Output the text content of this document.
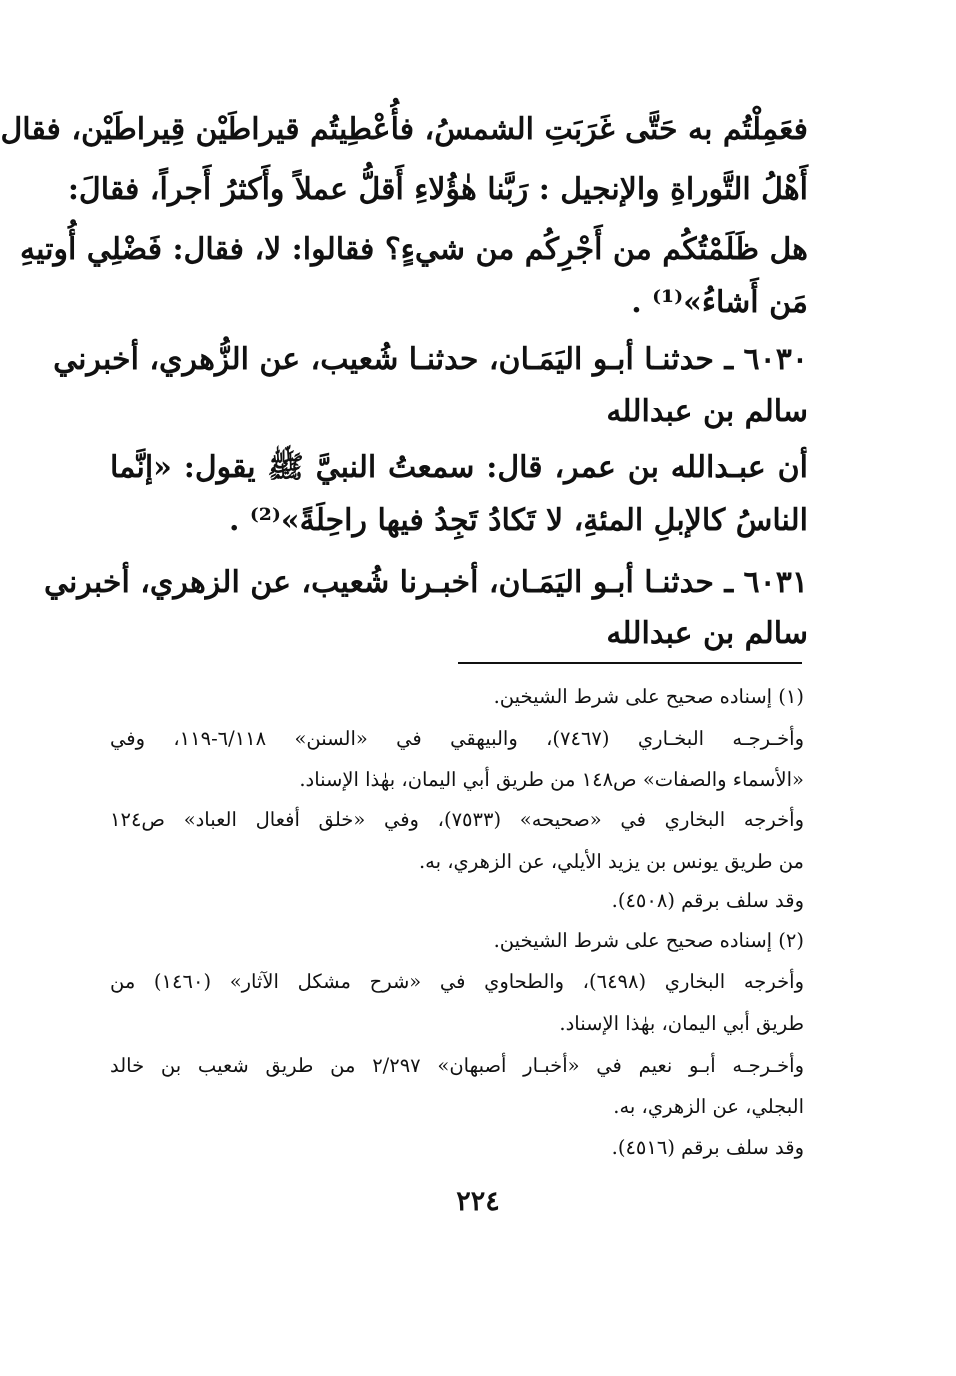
فعَمِلْتُم به حَتَّى غَرَبَتِ الشمسُ، فأُعْطِيتُم قيراطَيْن قِيراطَيْن، فقال
أَهْلُ التَّوراةِ والإنجيل : رَبَّنا هٰؤُلاءِ أَقلُّ عملاً وأَكثرُ أَجراً، فقالَ:
هل ظَلَمْتُكُم من أَجْرِكُم من شيءٍ؟ فقالوا: لا، فقال: فَضْلِي أُوتيهِ
مَن أَشاءُ»⁽¹⁾ .
٦٠٣٠ ـ حدثنـا أبـو اليَمَـان، حدثنـا شُعيب، عن الزُّهري، أخبرني
سالم بن عبدالله
أن عبـدالله بن عمر، قال: سمعتُ النبيَّ ﷺ يقول: «إنَّما
الناسُ كالإبلِ المئةِ، لا تَكادُ تَجِدُ فيها راحِلَةً»⁽²⁾ .
٦٠٣١ ـ حدثنـا أبـو اليَمَـان، أخبـرنا شُعيب، عن الزهري، أخبرني
سالم بن عبدالله
(١) إسناده صحيح على شرط الشيخين.
وأخـرجـه البخـاري (٧٤٦٧)، والبيهقي في «السنن» ٦/١١٨-١١٩، وفي
«الأسماء والصفات» ص١٤٨ من طريق أبي اليمان، بهٰذا الإسناد.
وأخرجه البخاري في «صحيحه» (٧٥٣٣)، وفي «خلق أفعال العباد» ص١٢٤
من طريق يونس بن يزيد الأيلي، عن الزهري، به.
وقد سلف برقم (٤٥٠٨).
(٢) إسناده صحيح على شرط الشيخين.
وأخرجه البخاري (٦٤٩٨)، والطحاوي في «شرح مشكل الآثار» (١٤٦٠) من
طريق أبي اليمان، بهٰذا الإسناد.
وأخـرجـه أبـو نعيم في «أخبـار أصبهان» ٢/٢٩٧ من طريق شعيب بن خالد
البجلي، عن الزهري، به.
وقد سلف برقم (٤٥١٦).
٢٢٤
